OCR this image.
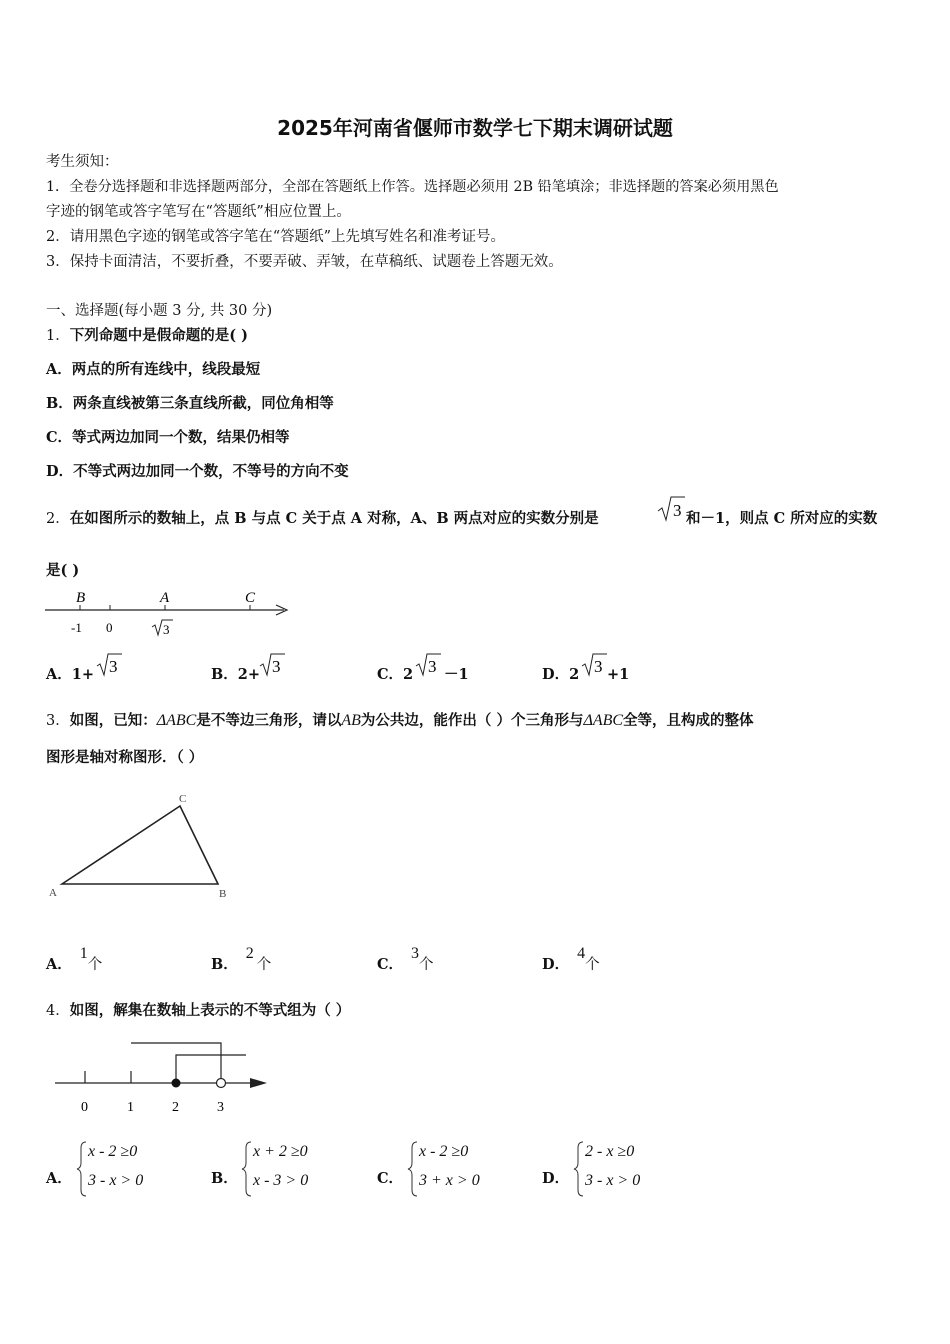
2025年河南省偃师市数学七下期末调研试题
考生须知：
1．全卷分选择题和非选择题两部分，全部在答题纸上作答。选择题必须用 2B 铅笔填涂；非选择题的答案必须用黑色
字迹的钢笔或答字笔写在“答题纸”相应位置上。
2．请用黑色字迹的钢笔或答字笔在“答题纸”上先填写姓名和准考证号。
3．保持卡面清洁，不要折叠，不要弄破、弄皱，在草稿纸、试题卷上答题无效。
一、选择题(每小题 3 分, 共 30 分)
1．下列命题中是假命题的是( )
A．两点的所有连线中，线段最短
B．两条直线被第三条直线所截，同位角相等
C．等式两边加同一个数，结果仍相等
D．不等式两边加同一个数，不等号的方向不变
2．在如图所示的数轴上，点 B 与点 C 关于点 A 对称，A、B 两点对应的实数分别是	3 和－1，则点 C 所对应的实数
是( )
B	A	C
-1 0	3
A．1+ 3	B．2+ 3	C．2 3 －1	D．2 3 +1
3．如图，已知：ΔABC是不等边三角形，请以AB为公共边，能作出（ ）个三角形与ΔABC全等，且构成的整体
图形是轴对称图形．（ ）
A	B
C
A．1个	B．2个	C．3个	D．4个
4．如图，解集在数轴上表示的不等式组为（ ）
0	1	2	3
A．
x - 2 ≥0
3 - x > 0	B．
x + 2 ≥0
x - 3 > 0	C．
x - 2 ≥0
3 + x > 0	D．
2 - x ≥0
3 - x > 0
